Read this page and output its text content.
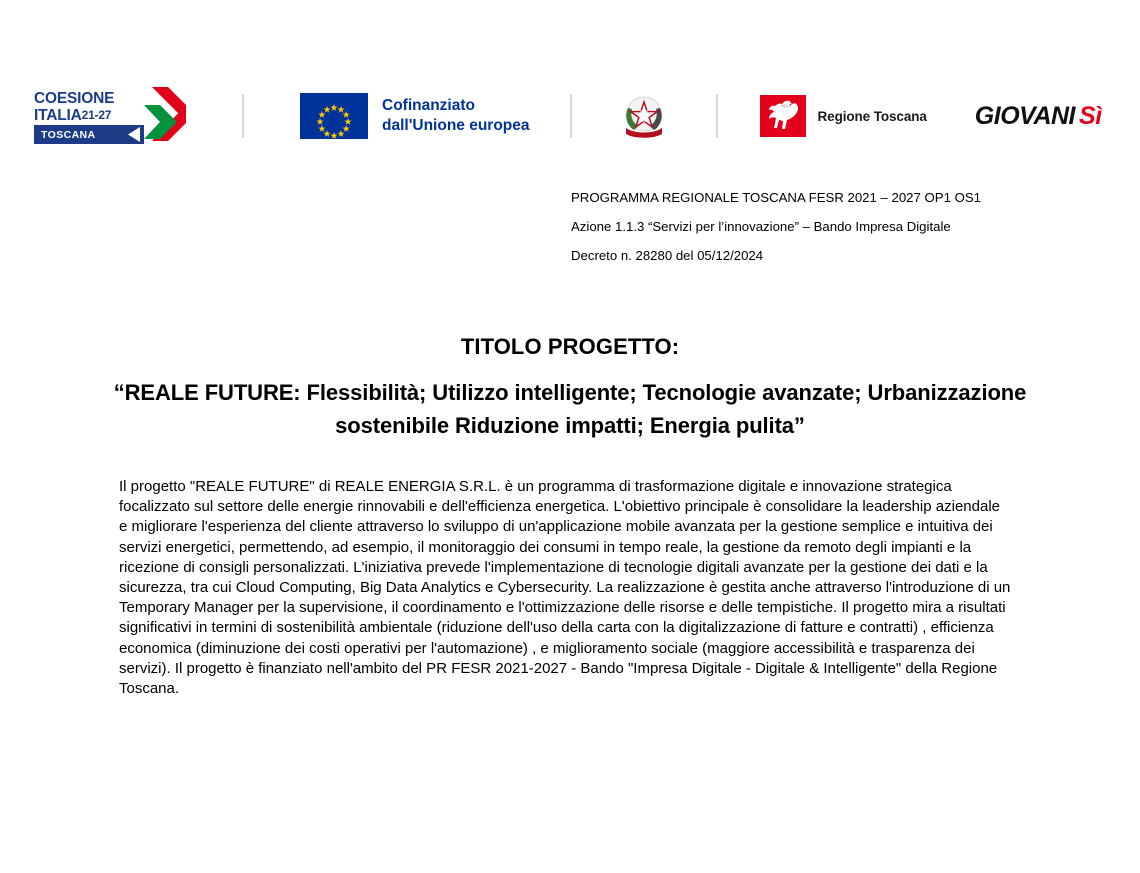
COESIONE
ITALIA21-27
TOSCANA
Cofinanziato
dall'Unione europea
Regione Toscana GIOVANI Sì
PROGRAMMA REGIONALE TOSCANA FESR 2021 – 2027 OP1 OS1
Azione 1.1.3 “Servizi per l’innovazione” – Bando Impresa Digitale
Decreto n. 28280 del 05/12/2024
TITOLO PROGETTO:
“REALE FUTURE: Flessibilità; Utilizzo intelligente; Tecnologie avanzate; Urbanizzazione sostenibile Riduzione impatti; Energia pulita”
Il progetto "REALE FUTURE" di REALE ENERGIA S.R.L. è un programma di trasformazione digitale e innovazione strategica focalizzato sul settore delle energie rinnovabili e dell'efficienza energetica. L'obiettivo principale è consolidare la leadership aziendale e migliorare l'esperienza del cliente attraverso lo sviluppo di un'applicazione mobile avanzata per la gestione semplice e intuitiva dei servizi energetici, permettendo, ad esempio, il monitoraggio dei consumi in tempo reale, la gestione da remoto degli impianti e la ricezione di consigli personalizzati. L'iniziativa prevede l'implementazione di tecnologie digitali avanzate per la gestione dei dati e la sicurezza, tra cui Cloud Computing, Big Data Analytics e Cybersecurity. La realizzazione è gestita anche attraverso l'introduzione di un Temporary Manager per la supervisione, il coordinamento e l'ottimizzazione delle risorse e delle tempistiche. Il progetto mira a risultati significativi in termini di sostenibilità ambientale (riduzione dell'uso della carta con la digitalizzazione di fatture e contratti) , efficienza economica (diminuzione dei costi operativi per l'automazione) , e miglioramento sociale (maggiore accessibilità e trasparenza dei servizi). Il progetto è finanziato nell'ambito del PR FESR 2021-2027 - Bando "Impresa Digitale - Digitale & Intelligente" della Regione Toscana.
